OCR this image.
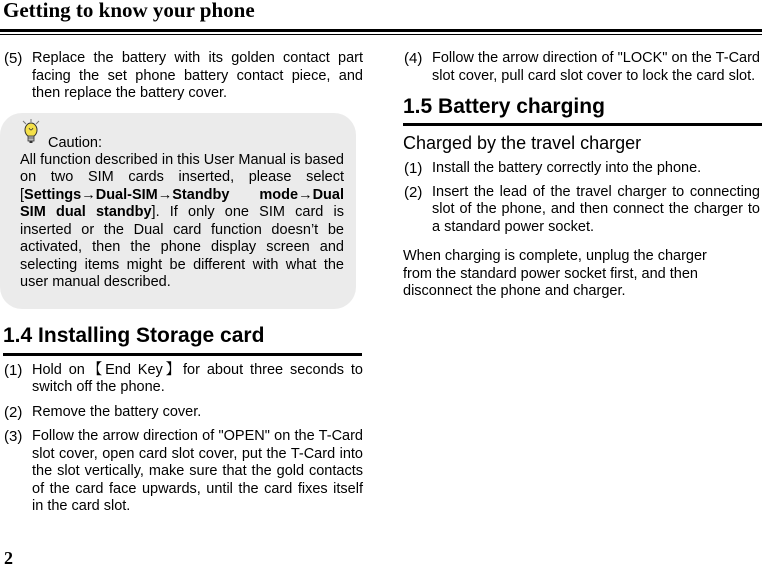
Getting to know your phone
(5) Replace the battery with its golden contact part facing the set phone battery contact piece, and then replace the battery cover.
Caution:
All function described in this User Manual is based on two SIM cards inserted, please select [Settings→Dual-SIM→Standby mode→Dual SIM dual standby]. If only one SIM card is inserted or the Dual card function doesn’t be activated, then the phone display screen and selecting items might be different with what the user manual described.
1.4 Installing Storage card
(1) Hold on【End Key】for about three seconds to switch off the phone.
(2) Remove the battery cover.
(3) Follow the arrow direction of "OPEN" on the T-Card slot cover, open card slot cover, put the T-Card into the slot vertically, make sure that the gold contacts of the card face upwards, until the card fixes itself in the card slot.
(4) Follow the arrow direction of "LOCK" on the T-Card slot cover, pull card slot cover to lock the card slot.
1.5 Battery charging
Charged by the travel charger
(1) Install the battery correctly into the phone.
(2) Insert the lead of the travel charger to connecting slot of the phone, and then connect the charger to a standard power socket.
When charging is complete, unplug the charger from the standard power socket first, and then disconnect the phone and charger.
2
